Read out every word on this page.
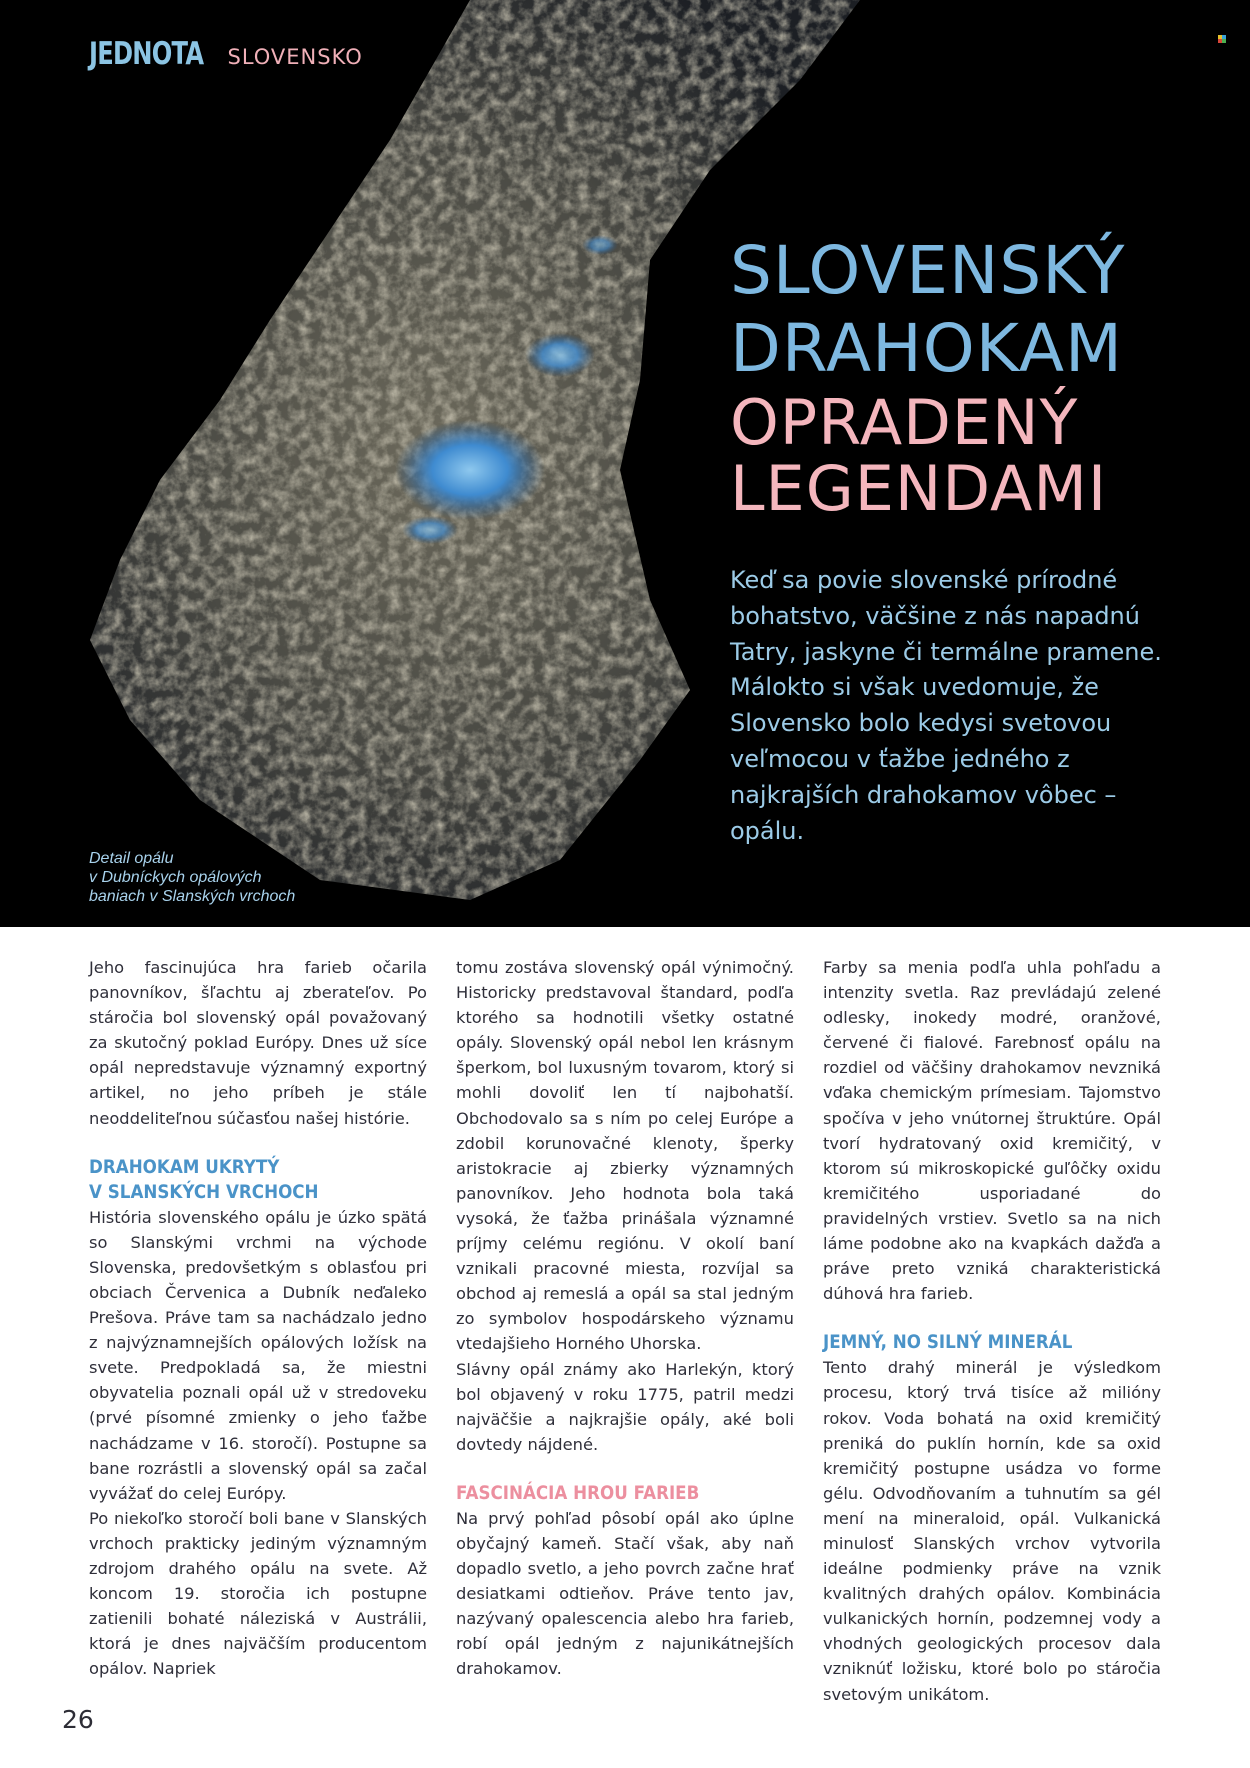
JEDNOTA SLOVENSKO
SLOVENSKÝ
DRAHOKAM
OPRADENÝ
LEGENDAMI
Keď sa povie slovenské prírodné bohatstvo, väčšine z nás napadnú Tatry, jaskyne či termálne pramene. Málokto si však uvedomuje, že Slovensko bolo kedysi svetovou veľmocou v ťažbe jedného z najkrajších drahokamov vôbec – opálu.
Detail opálu
v Dubníckych opálových
baniach v Slanských vrchoch

Jeho fascinujúca hra farieb očarila panovníkov, šľachtu aj zberateľov. Po stáročia bol slovenský opál považovaný za skutočný poklad Európy. Dnes už síce opál nepredstavuje významný exportný artikel, no jeho príbeh je stále neoddeliteľnou súčasťou našej histórie.

DRAHOKAM UKRYTÝ
V SLANSKÝCH VRCHOCH

História slovenského opálu je úzko spätá so Slanskými vrchmi na východe Slovenska, predovšetkým s oblasťou pri obciach Červenica a Dubník neďaleko Prešova. Práve tam sa nachádzalo jedno z najvýznamnejších opálových ložísk na svete. Predpokladá sa, že miestni obyvatelia poznali opál už v stredoveku (prvé písomné zmienky o jeho ťažbe nachádzame v 16. storočí). Postupne sa bane rozrástli a slovenský opál sa začal vyvážať do celej Európy.

Po niekoľko storočí boli bane v Slanských vrchoch prakticky jediným významným zdrojom drahého opálu na svete. Až koncom 19. storočia ich postupne zatienili bohaté náleziská v Austrálii, ktorá je dnes najväčším producentom opálov. Napriek

tomu zostáva slovenský opál výnimočný. Historicky predstavoval štandard, podľa ktorého sa hodnotili všetky ostatné opály. Slovenský opál nebol len krásnym šperkom, bol luxusným tovarom, ktorý si mohli dovoliť len tí najbohatší. Obchodovalo sa s ním po celej Európe a zdobil korunovačné klenoty, šperky aristokracie aj zbierky významných panovníkov. Jeho hodnota bola taká vysoká, že ťažba prinášala významné príjmy celému regiónu. V okolí baní vznikali pracovné miesta, rozvíjal sa obchod aj remeslá a opál sa stal jedným zo symbolov hospodárskeho významu vtedajšieho Horného Uhorska.

Slávny opál známy ako Harlekýn, ktorý bol objavený v roku 1775, patril medzi najväčšie a najkrajšie opály, aké boli dovtedy nájdené.

FASCINÁCIA HROU FARIEB

Na prvý pohľad pôsobí opál ako úplne obyčajný kameň. Stačí však, aby naň dopadlo svetlo, a jeho povrch začne hrať desiatkami odtieňov. Práve tento jav, nazývaný opalescencia alebo hra farieb, robí opál jedným z najunikátnejších drahokamov.

Farby sa menia podľa uhla pohľadu a intenzity svetla. Raz prevládajú zelené odlesky, inokedy modré, oranžové, červené či fialové. Farebnosť opálu na rozdiel od väčšiny drahokamov nevzniká vďaka chemickým prímesiam. Tajomstvo spočíva v jeho vnútornej štruktúre. Opál tvorí hydratovaný oxid kremičitý, v ktorom sú mikroskopické guľôčky oxidu kremičitého usporiadané do pravidelných vrstiev. Svetlo sa na nich láme podobne ako na kvapkách dažďa a práve preto vzniká charakteristická dúhová hra farieb.

JEMNÝ, NO SILNÝ MINERÁL

Tento drahý minerál je výsledkom procesu, ktorý trvá tisíce až milióny rokov. Voda bohatá na oxid kremičitý preniká do puklín hornín, kde sa oxid kremičitý postupne usádza vo forme gélu. Odvodňovaním a tuhnutím sa gél mení na mineraloid, opál. Vulkanická minulosť Slanských vrchov vytvorila ideálne podmienky práve na vznik kvalitných drahých opálov. Kombinácia vulkanických hornín, podzemnej vody a vhodných geologických procesov dala vzniknúť ložisku, ktoré bolo po stáročia svetovým unikátom.

26
